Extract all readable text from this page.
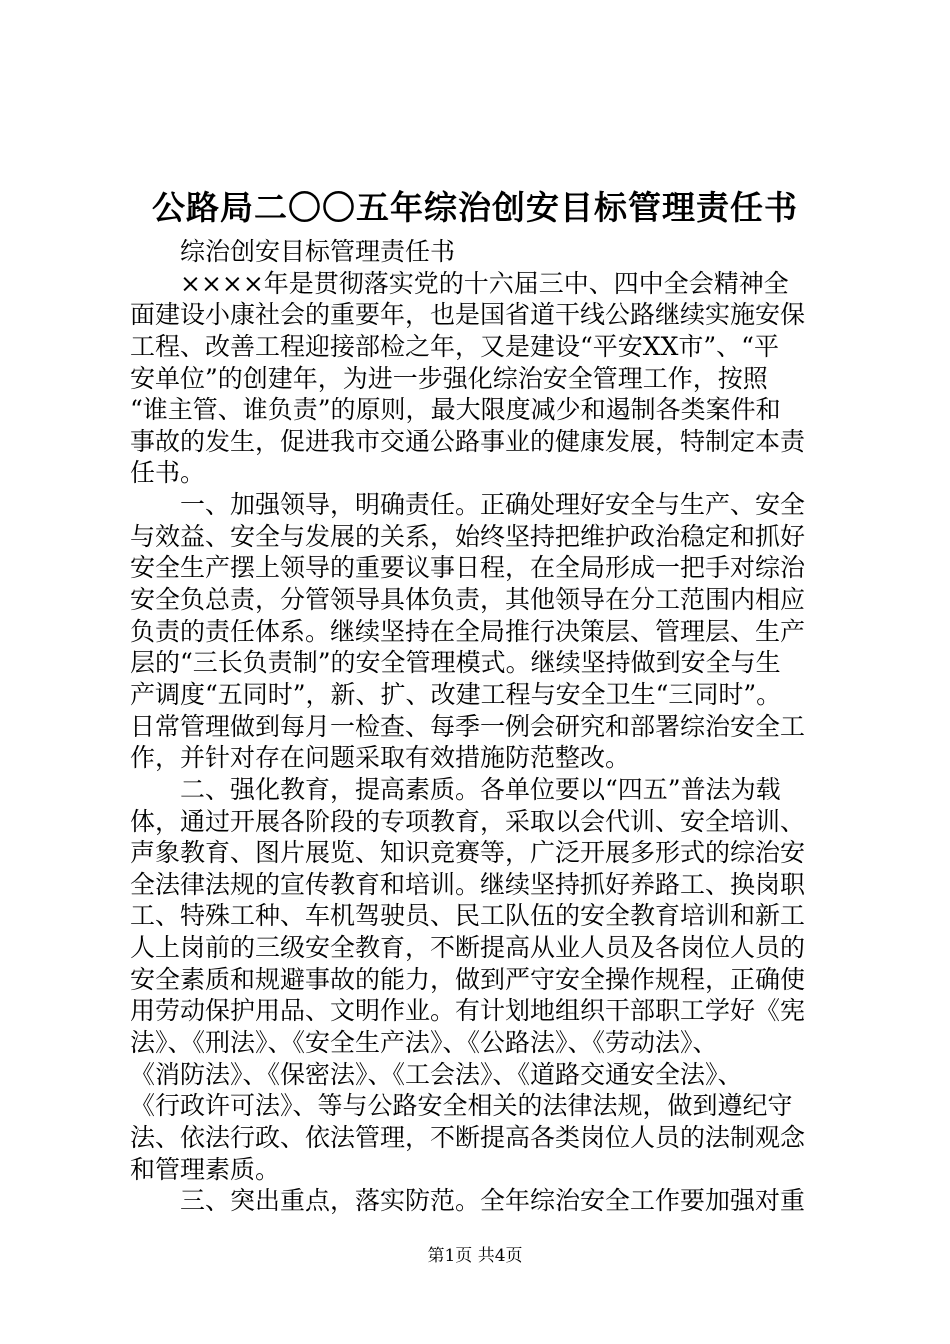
公路局二〇〇五年综治创安目标管理责任书
综治创安目标管理责任书
××××年是贯彻落实党的十六届三中、四中全会精神全
面建设小康社会的重要年，也是国省道干线公路继续实施安保
工程、改善工程迎接部检之年，又是建设“平安XX市”、“平
安单位”的创建年，为进一步强化综治安全管理工作，按照
“谁主管、谁负责”的原则，最大限度减少和遏制各类案件和
事故的发生，促进我市交通公路事业的健康发展，特制定本责
任书。
一、加强领导，明确责任。正确处理好安全与生产、安全
与效益、安全与发展的关系，始终坚持把维护政治稳定和抓好
安全生产摆上领导的重要议事日程，在全局形成一把手对综治
安全负总责，分管领导具体负责，其他领导在分工范围内相应
负责的责任体系。继续坚持在全局推行决策层、管理层、生产
层的“三长负责制”的安全管理模式。继续坚持做到安全与生
产调度“五同时”，新、扩、改建工程与安全卫生“三同时”。
日常管理做到每月一检查、每季一例会研究和部署综治安全工
作，并针对存在问题采取有效措施防范整改。
二、强化教育，提高素质。各单位要以“四五”普法为载
体，通过开展各阶段的专项教育，采取以会代训、安全培训、
声象教育、图片展览、知识竞赛等，广泛开展多形式的综治安
全法律法规的宣传教育和培训。继续坚持抓好养路工、换岗职
工、特殊工种、车机驾驶员、民工队伍的安全教育培训和新工
人上岗前的三级安全教育，不断提高从业人员及各岗位人员的
安全素质和规避事故的能力，做到严守安全操作规程，正确使
用劳动保护用品、文明作业。有计划地组织干部职工学好《宪
法》、《刑法》、《安全生产法》、《公路法》、《劳动法》、
《消防法》、《保密法》、《工会法》、《道路交通安全法》、
《行政许可法》、等与公路安全相关的法律法规，做到遵纪守
法、依法行政、依法管理，不断提高各类岗位人员的法制观念
和管理素质。
三、突出重点，落实防范。全年综治安全工作要加强对重
第1页 共4页
